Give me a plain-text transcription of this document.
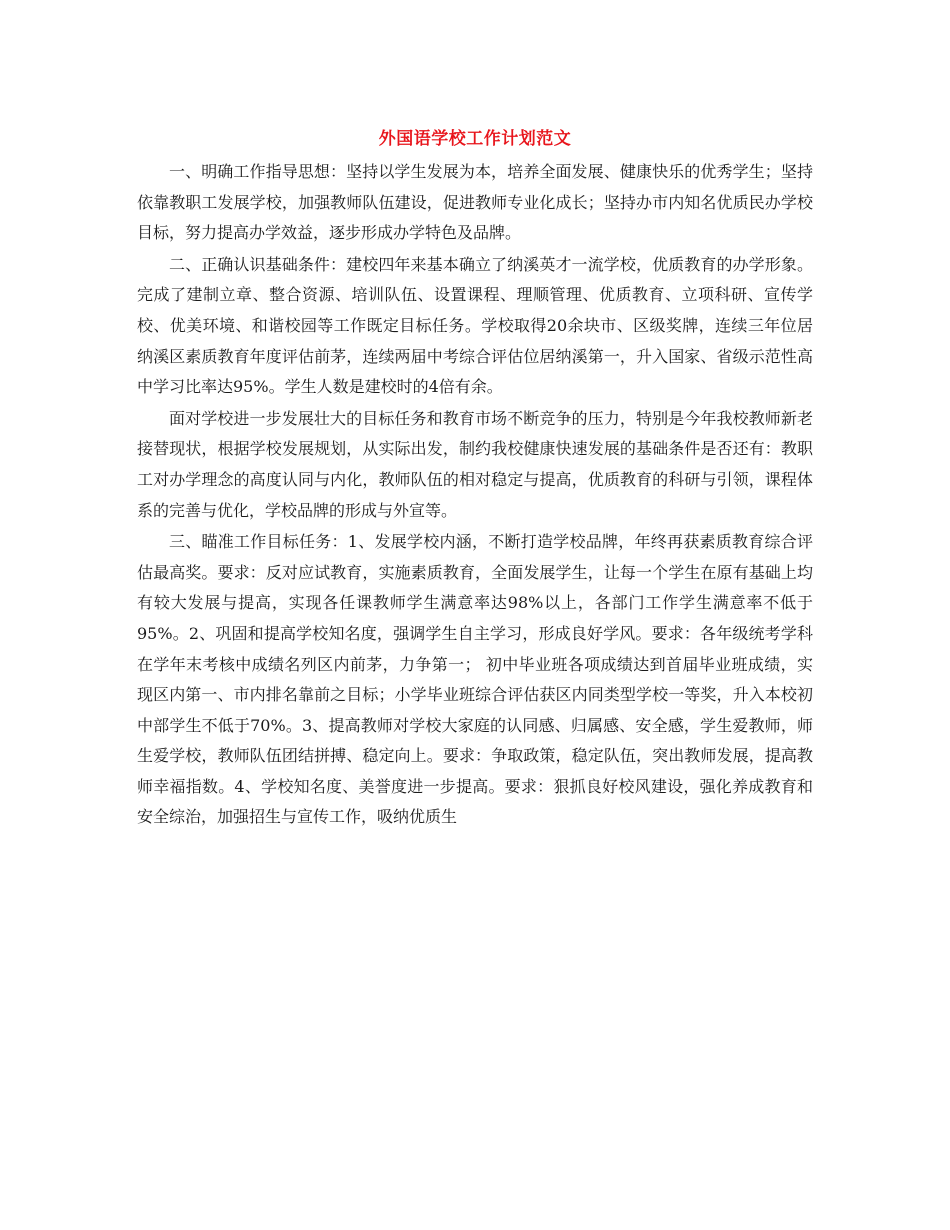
外国语学校工作计划范文

一、明确工作指导思想：坚持以学生发展为本，培养全面发展、健康快乐的优秀学生；坚持依靠教职工发展学校，加强教师队伍建设，促进教师专业化成长；坚持办市内知名优质民办学校目标，努力提高办学效益，逐步形成办学特色及品牌。

二、正确认识基础条件：建校四年来基本确立了纳溪英才一流学校，优质教育的办学形象。完成了建制立章、整合资源、培训队伍、设置课程、理顺管理、优质教育、立项科研、宣传学校、优美环境、和谐校园等工作既定目标任务。学校取得20余块市、区级奖牌，连续三年位居纳溪区素质教育年度评估前茅，连续两届中考综合评估位居纳溪第一，升入国家、省级示范性高中学习比率达95%。学生人数是建校时的4倍有余。

面对学校进一步发展壮大的目标任务和教育市场不断竞争的压力，特别是今年我校教师新老接替现状，根据学校发展规划，从实际出发，制约我校健康快速发展的基础条件是否还有：教职工对办学理念的高度认同与内化，教师队伍的相对稳定与提高，优质教育的科研与引领，课程体系的完善与优化，学校品牌的形成与外宣等。

三、瞄准工作目标任务：1、发展学校内涵，不断打造学校品牌，年终再获素质教育综合评估最高奖。要求：反对应试教育，实施素质教育，全面发展学生，让每一个学生在原有基础上均有较大发展与提高，实现各任课教师学生满意率达98%以上，各部门工作学生满意率不低于95%。2、巩固和提高学校知名度，强调学生自主学习，形成良好学风。要求：各年级统考学科在学年末考核中成绩名列区内前茅，力争第一； 初中毕业班各项成绩达到首届毕业班成绩，实现区内第一、市内排名靠前之目标；小学毕业班综合评估获区内同类型学校一等奖，升入本校初中部学生不低于70%。3、提高教师对学校大家庭的认同感、归属感、安全感，学生爱教师，师生爱学校，教师队伍团结拼搏、稳定向上。要求：争取政策，稳定队伍，突出教师发展，提高教师幸福指数。4、学校知名度、美誉度进一步提高。要求：狠抓良好校风建设，强化养成教育和安全综治，加强招生与宣传工作，吸纳优质生
